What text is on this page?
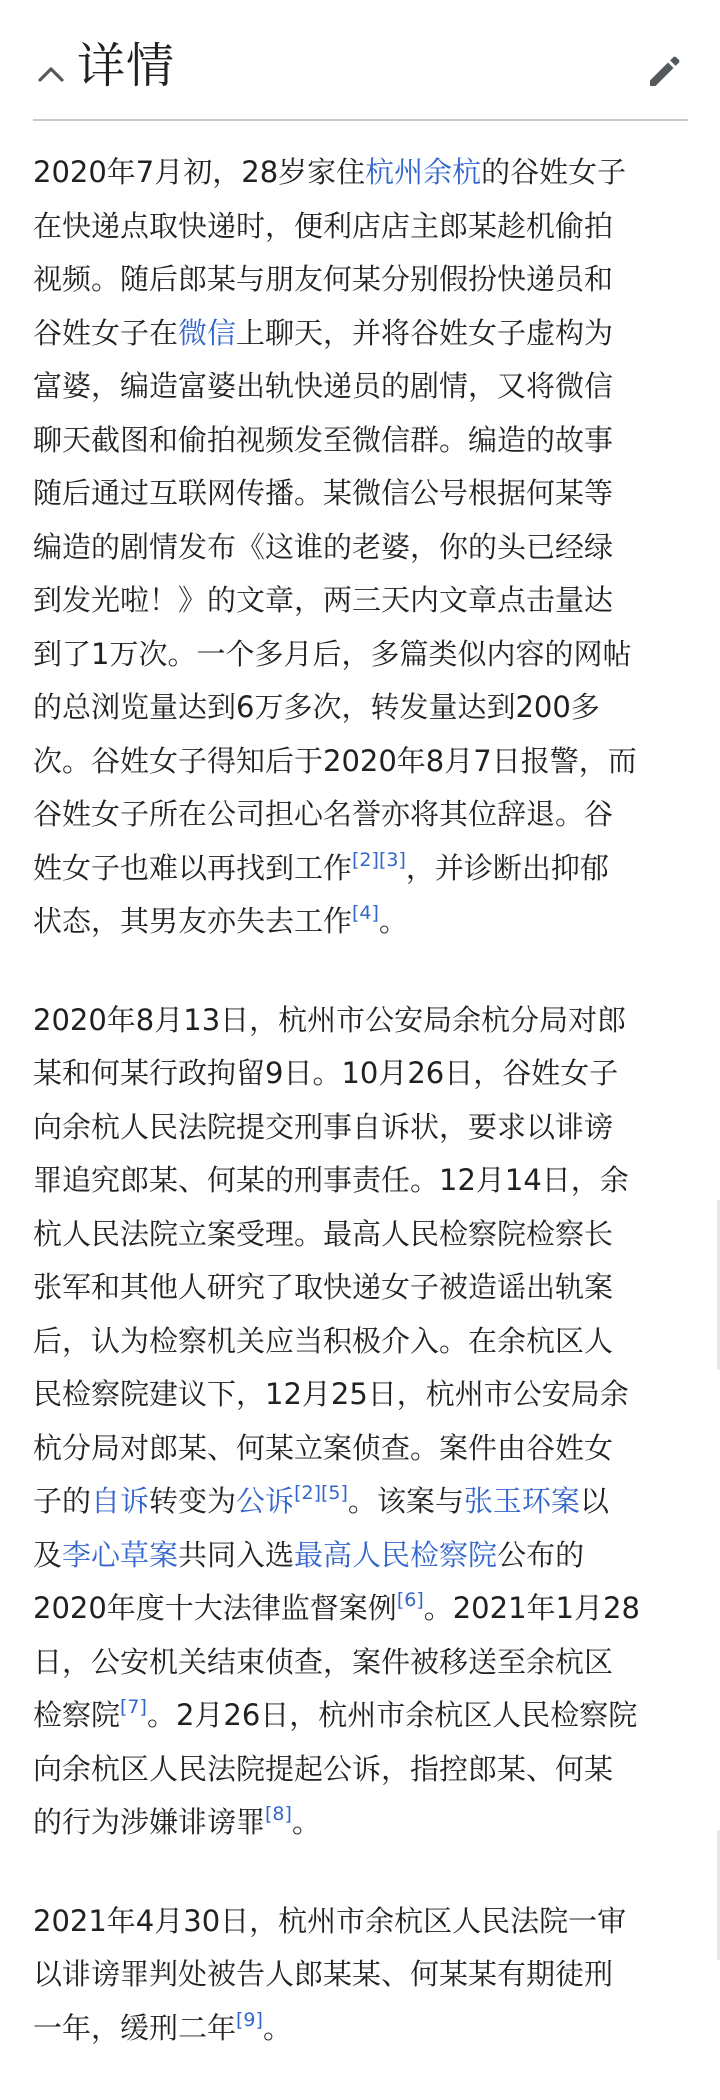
详情

2020年7月初，28岁家住杭州余杭的谷姓女子
在快递点取快递时，便利店店主郎某趁机偷拍
视频。随后郎某与朋友何某分别假扮快递员和
谷姓女子在微信上聊天，并将谷姓女子虚构为
富婆，编造富婆出轨快递员的剧情，又将微信
聊天截图和偷拍视频发至微信群。编造的故事
随后通过互联网传播。某微信公号根据何某等
编造的剧情发布《这谁的老婆，你的头已经绿
到发光啦！》的文章，两三天内文章点击量达
到了1万次。一个多月后，多篇类似内容的网帖
的总浏览量达到6万多次，转发量达到200多
次。谷姓女子得知后于2020年8月7日报警，而
谷姓女子所在公司担心名誉亦将其位辞退。谷
姓女子也难以再找到工作[2][3]，并诊断出抑郁
状态，其男友亦失去工作[4]。

2020年8月13日，杭州市公安局余杭分局对郎
某和何某行政拘留9日。10月26日，谷姓女子
向余杭人民法院提交刑事自诉状，要求以诽谤
罪追究郎某、何某的刑事责任。12月14日，余
杭人民法院立案受理。最高人民检察院检察长
张军和其他人研究了取快递女子被造谣出轨案
后，认为检察机关应当积极介入。在余杭区人
民检察院建议下，12月25日，杭州市公安局余
杭分局对郎某、何某立案侦查。案件由谷姓女
子的自诉转变为公诉[2][5]。该案与张玉环案以
及李心草案共同入选最高人民检察院公布的
2020年度十大法律监督案例[6]。2021年1月28
日，公安机关结束侦查，案件被移送至余杭区
检察院[7]。2月26日，杭州市余杭区人民检察院
向余杭区人民法院提起公诉，指控郎某、何某
的行为涉嫌诽谤罪[8]。

2021年4月30日，杭州市余杭区人民法院一审
以诽谤罪判处被告人郎某某、何某某有期徒刑
一年，缓刑二年[9]。
